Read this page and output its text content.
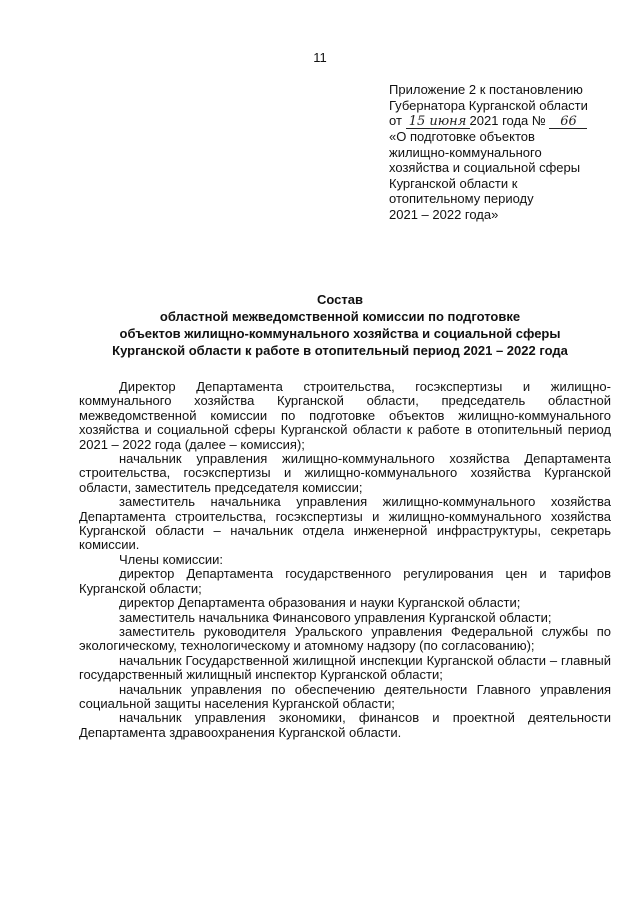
11
Приложение 2 к постановлению
Губернатора Курганской области
от 15 июня 2021 года № 66
«О подготовке объектов
жилищно-коммунального
хозяйства и социальной сферы
Курганской области к
отопительному периоду
2021 – 2022 года»
Состав
областной межведомственной комиссии по подготовке
объектов жилищно-коммунального хозяйства и социальной сферы
Курганской области к работе в отопительный период 2021 – 2022 года

Директор Департамента строительства, госэкспертизы и жилищно-коммунального хозяйства Курганской области, председатель областной межведомственной комиссии по подготовке объектов жилищно-коммунального хозяйства и социальной сферы Курганской области к работе в отопительный период 2021 – 2022 года (далее – комиссия);

начальник управления жилищно-коммунального хозяйства Департамента строительства, госэкспертизы и жилищно-коммунального хозяйства Курганской области, заместитель председателя комиссии;

заместитель начальника управления жилищно-коммунального хозяйства Департамента строительства, госэкспертизы и жилищно-коммунального хозяйства Курганской области – начальник отдела инженерной инфраструктуры, секретарь комиссии.

Члены комиссии:

директор Департамента государственного регулирования цен и тарифов Курганской области;

директор Департамента образования и науки Курганской области;

заместитель начальника Финансового управления Курганской области;

заместитель руководителя Уральского управления Федеральной службы по экологическому, технологическому и атомному надзору (по согласованию);

начальник Государственной жилищной инспекции Курганской области – главный государственный жилищный инспектор Курганской области;

начальник управления по обеспечению деятельности Главного управления социальной защиты населения Курганской области;

начальник управления экономики, финансов и проектной деятельности Департамента здравоохранения Курганской области.
